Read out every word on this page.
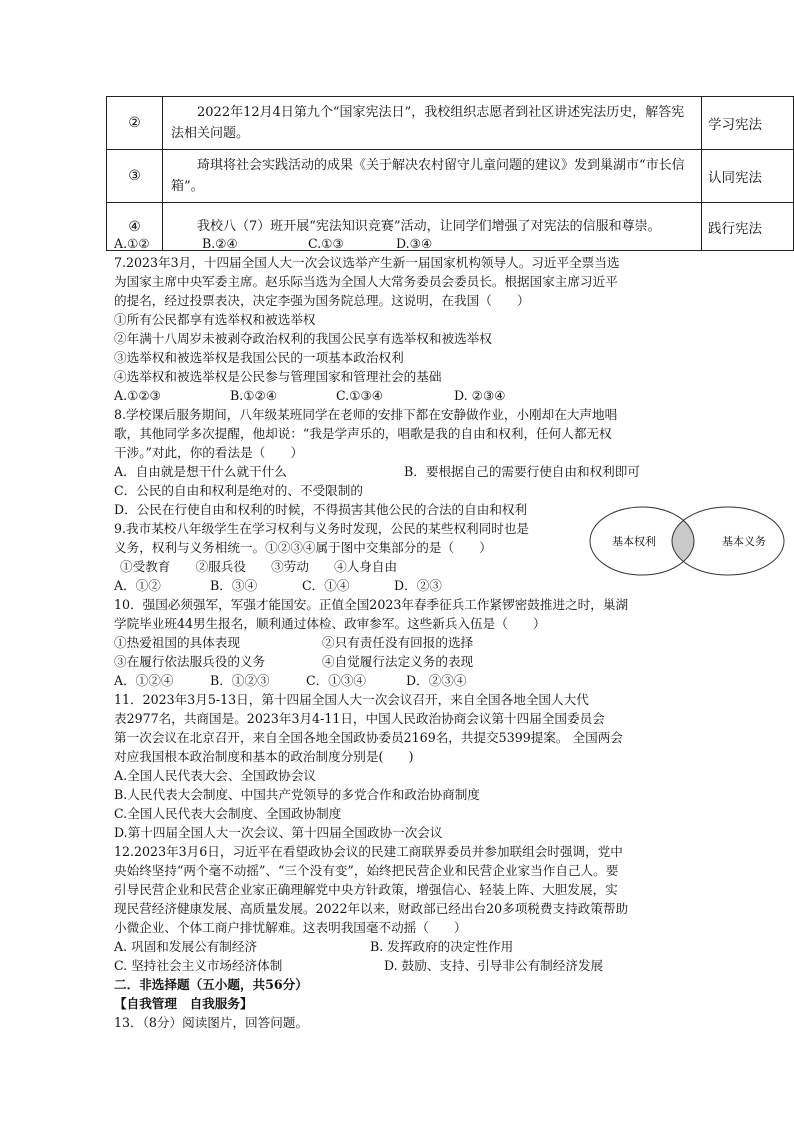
②	2022年12月4日第九个“国家宪法日”，我校组织志愿者到社区讲述宪法历史，解答宪法相关问题。	学习宪法
③	琦琪将社会实践活动的成果《关于解决农村留守儿童问题的建议》发到巢湖市“市长信箱”。	认同宪法
④	我校八（7）班开展“宪法知识竞赛”活动，让同学们增强了对宪法的信服和尊崇。	践行宪法
A.①②	B.②④	C.①③	D.③④
7.2023年3月，十四届全国人大一次会议选举产生新一届国家机构领导人。习近平全票当选
为国家主席中央军委主席。赵乐际当选为全国人大常务委员会委员长。根据国家主席习近平
的提名，经过投票表决，决定李强为国务院总理。这说明，在我国（　　）
①所有公民都享有选举权和被选举权
②年满十八周岁未被剥夺政治权利的我国公民享有选举权和被选举权
③选举权和被选举权是我国公民的一项基本政治权利
④选举权和被选举权是公民参与管理国家和管理社会的基础
A.①②③	B.①②④	C.①③④	D. ②③④
8.学校课后服务期间，八年级某班同学在老师的安排下都在安静做作业，小刚却在大声地唱
歌，其他同学多次提醒，他却说：“我是学声乐的，唱歌是我的自由和权利，任何人都无权
干涉。”对此，你的看法是（　　）
A．自由就是想干什么就干什么	B．要根据自己的需要行使自由和权利即可
C．公民的自由和权利是绝对的、不受限制的
D．公民在行使自由和权利的时候，不得损害其他公民的合法的自由和权利
9.我市某校八年级学生在学习权利与义务时发现，公民的某些权利同时也是
义务，权利与义务相统一。①②③④属于图中交集部分的是（　　）
①受教育　　②服兵役　　③劳动　　④人身自由
A．①②	B．③④	C．①④	D．②③
10．强国必须强军，军强才能国安。正值全国2023年春季征兵工作紧锣密鼓推进之时，巢湖
学院毕业班44男生报名，顺利通过体检、政审参军。这些新兵入伍是（　　）
①热爱祖国的具体表现	②只有责任没有回报的选择
③在履行依法服兵役的义务	④自觉履行法定义务的表现
A．①②④	B．①②③	C．①③④	D．②③④
11．2023年3月5-13日，第十四届全国人大一次会议召开，来自全国各地全国人大代
表2977名，共商国是。2023年3月4-11日，中国人民政治协商会议第十四届全国委员会
第一次会议在北京召开，来自全国各地全国政协委员2169名，共提交5399提案。 全国两会
对应我国根本政治制度和基本的政治制度分别是(　　)
A.全国人民代表大会、全国政协会议
B.人民代表大会制度、中国共产党领导的多党合作和政治协商制度
C.全国人民代表大会制度、全国政协制度
D.第十四届全国人大一次会议、第十四届全国政协一次会议
12.2023年3月6日，习近平在看望政协会议的民建工商联界委员并参加联组会时强调，党中
央始终坚持“两个毫不动摇”、“三个没有变”，始终把民营企业和民营企业家当作自己人。要
引导民营企业和民营企业家正确理解党中央方针政策，增强信心、轻装上阵、大胆发展，实
现民营经济健康发展、高质量发展。2022年以来，财政部已经出台20多项税费支持政策帮助
小微企业、个体工商户排忧解难。这表明我国毫不动摇（　　）
A. 巩固和发展公有制经济	B. 发挥政府的决定性作用
C. 坚持社会主义市场经济体制	D. 鼓励、支持、引导非公有制经济发展
二．非选择题（五小题，共56分）
【自我管理　自我服务】
13．（8分）阅读图片，回答问题。
基本权利	基本义务
